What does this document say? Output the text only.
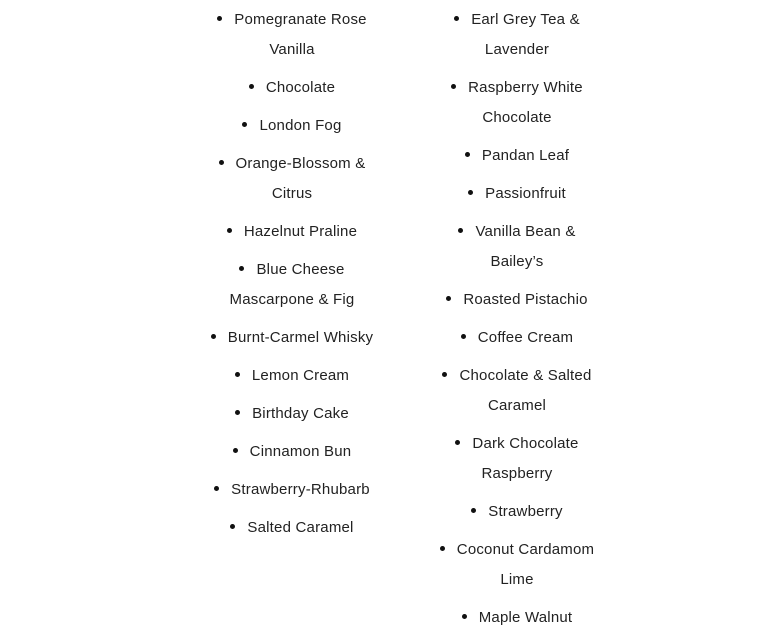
Pomegranate Rose Vanilla
Chocolate
London Fog
Orange-Blossom & Citrus
Hazelnut Praline
Blue Cheese Mascarpone & Fig
Burnt-Carmel Whisky
Lemon Cream
Birthday Cake
Cinnamon Bun
Strawberry-Rhubarb
Salted Caramel
Earl Grey Tea & Lavender
Raspberry White Chocolate
Pandan Leaf
Passionfruit
Vanilla Bean & Bailey’s
Roasted Pistachio
Coffee Cream
Chocolate & Salted Caramel
Dark Chocolate Raspberry
Strawberry
Coconut Cardamom Lime
Maple Walnut
